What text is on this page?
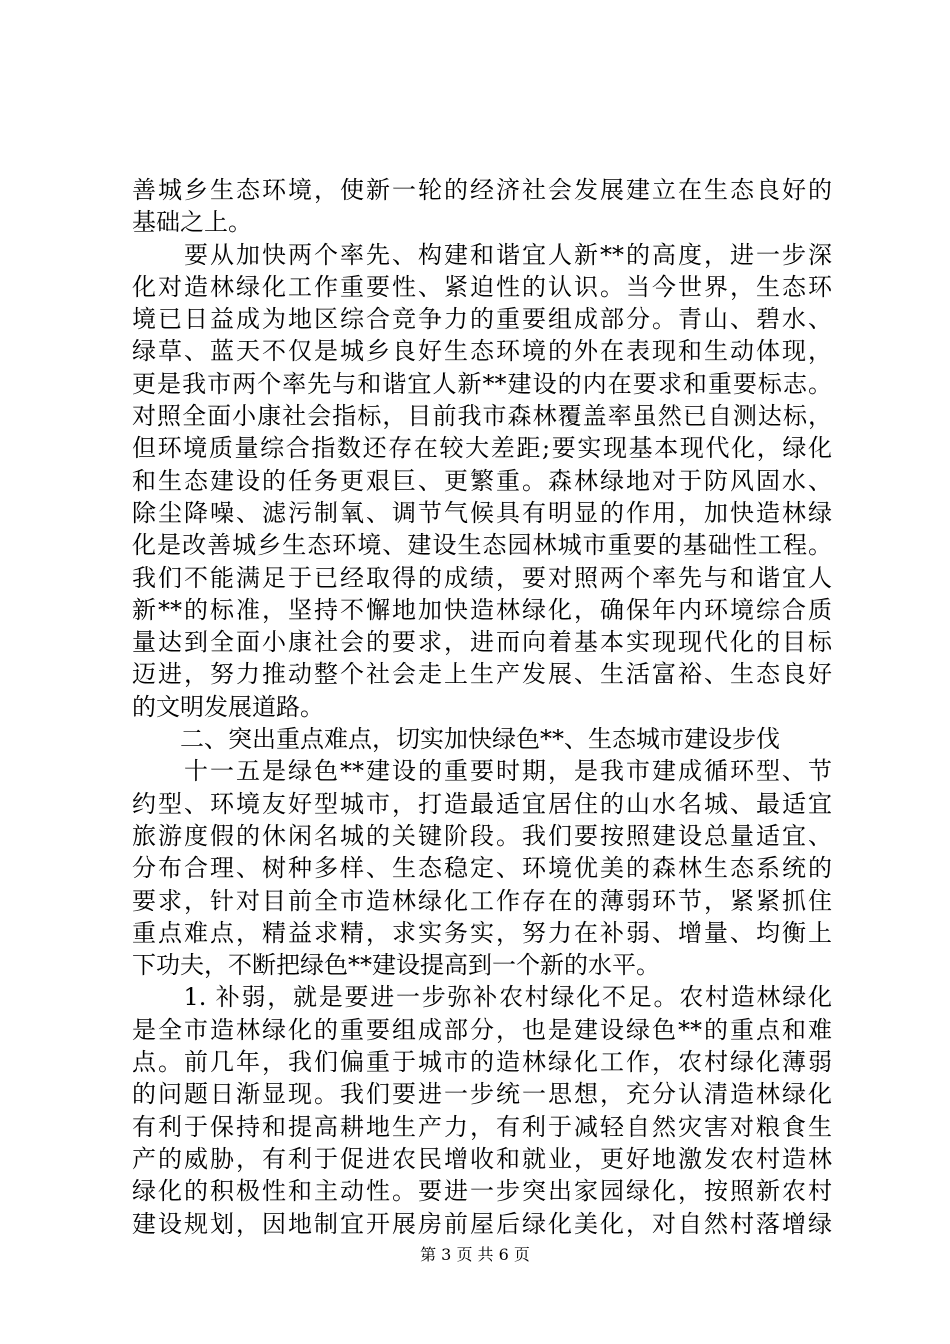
善城乡生态环境，使新一轮的经济社会发展建立在生态良好的
基础之上。
　　要从加快两个率先、构建和谐宜人新**的高度，进一步深
化对造林绿化工作重要性、紧迫性的认识。当今世界，生态环
境已日益成为地区综合竞争力的重要组成部分。青山、碧水、
绿草、蓝天不仅是城乡良好生态环境的外在表现和生动体现，
更是我市两个率先与和谐宜人新**建设的内在要求和重要标志。
对照全面小康社会指标，目前我市森林覆盖率虽然已自测达标，
但环境质量综合指数还存在较大差距;要实现基本现代化，绿化
和生态建设的任务更艰巨、更繁重。森林绿地对于防风固水、
除尘降噪、滤污制氧、调节气候具有明显的作用，加快造林绿
化是改善城乡生态环境、建设生态园林城市重要的基础性工程。
我们不能满足于已经取得的成绩，要对照两个率先与和谐宜人
新**的标准，坚持不懈地加快造林绿化，确保年内环境综合质
量达到全面小康社会的要求，进而向着基本实现现代化的目标
迈进，努力推动整个社会走上生产发展、生活富裕、生态良好
的文明发展道路。
　　二、突出重点难点，切实加快绿色**、生态城市建设步伐
　　十一五是绿色**建设的重要时期，是我市建成循环型、节
约型、环境友好型城市，打造最适宜居住的山水名城、最适宜
旅游度假的休闲名城的关键阶段。我们要按照建设总量适宜、
分布合理、树种多样、生态稳定、环境优美的森林生态系统的
要求，针对目前全市造林绿化工作存在的薄弱环节，紧紧抓住
重点难点，精益求精，求实务实，努力在补弱、增量、均衡上
下功夫，不断把绿色**建设提高到一个新的水平。
　　1. 补弱，就是要进一步弥补农村绿化不足。农村造林绿化
是全市造林绿化的重要组成部分，也是建设绿色**的重点和难
点。前几年，我们偏重于城市的造林绿化工作，农村绿化薄弱
的问题日渐显现。我们要进一步统一思想，充分认清造林绿化
有利于保持和提高耕地生产力，有利于减轻自然灾害对粮食生
产的威胁，有利于促进农民增收和就业，更好地激发农村造林
绿化的积极性和主动性。要进一步突出家园绿化，按照新农村
建设规划，因地制宜开展房前屋后绿化美化，对自然村落增绿
第 3 页 共 6 页
